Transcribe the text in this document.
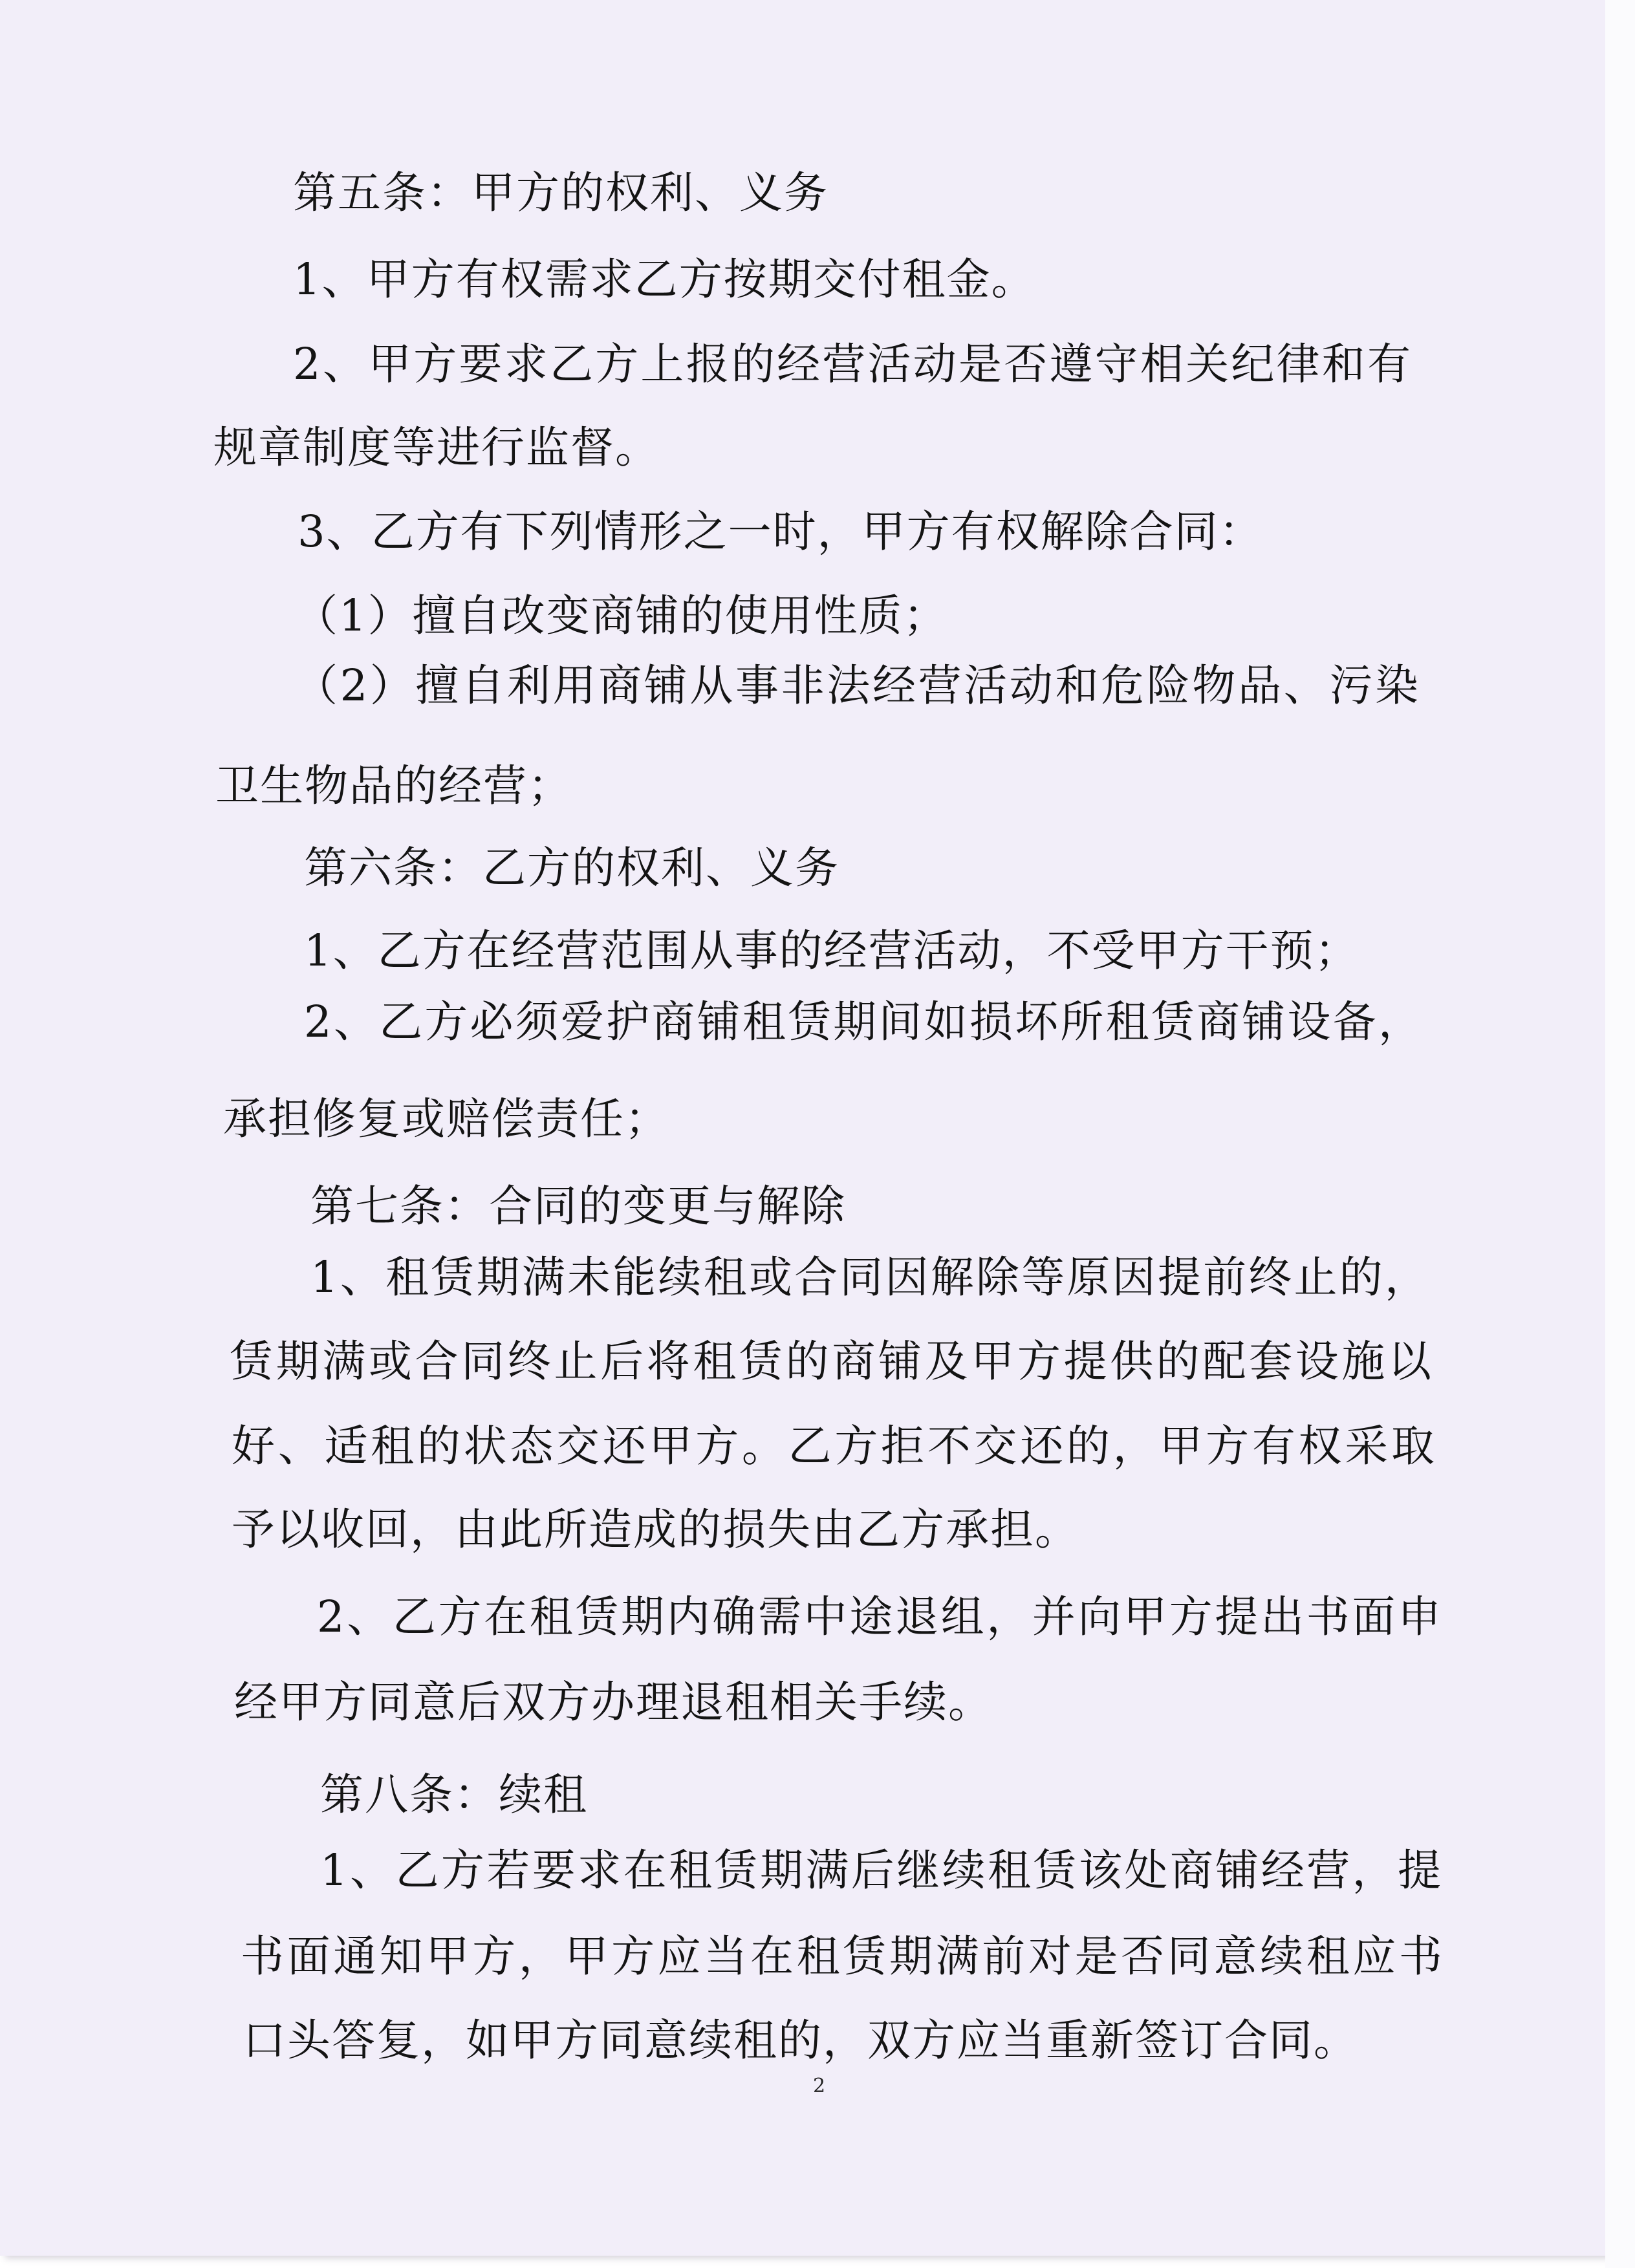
第五条：甲方的权利、义务
1、甲方有权需求乙方按期交付租金。
2、甲方要求乙方上报的经营活动是否遵守相关纪律和有
规章制度等进行监督。
3、乙方有下列情形之一时，甲方有权解除合同：
（1）擅自改变商铺的使用性质；
（2）擅自利用商铺从事非法经营活动和危险物品、污染
卫生物品的经营；
第六条：乙方的权利、义务
1、乙方在经营范围从事的经营活动，不受甲方干预；
2、乙方必须爱护商铺租赁期间如损坏所租赁商铺设备，
承担修复或赔偿责任；
第七条：合同的变更与解除
1、租赁期满未能续租或合同因解除等原因提前终止的，
赁期满或合同终止后将租赁的商铺及甲方提供的配套设施以
好、适租的状态交还甲方。乙方拒不交还的，甲方有权采取
予以收回，由此所造成的损失由乙方承担。
2、乙方在租赁期内确需中途退组，并向甲方提出书面申
经甲方同意后双方办理退租相关手续。
第八条：续租
1、乙方若要求在租赁期满后继续租赁该处商铺经营，提
书面通知甲方，甲方应当在租赁期满前对是否同意续租应书
口头答复，如甲方同意续租的，双方应当重新签订合同。
2
